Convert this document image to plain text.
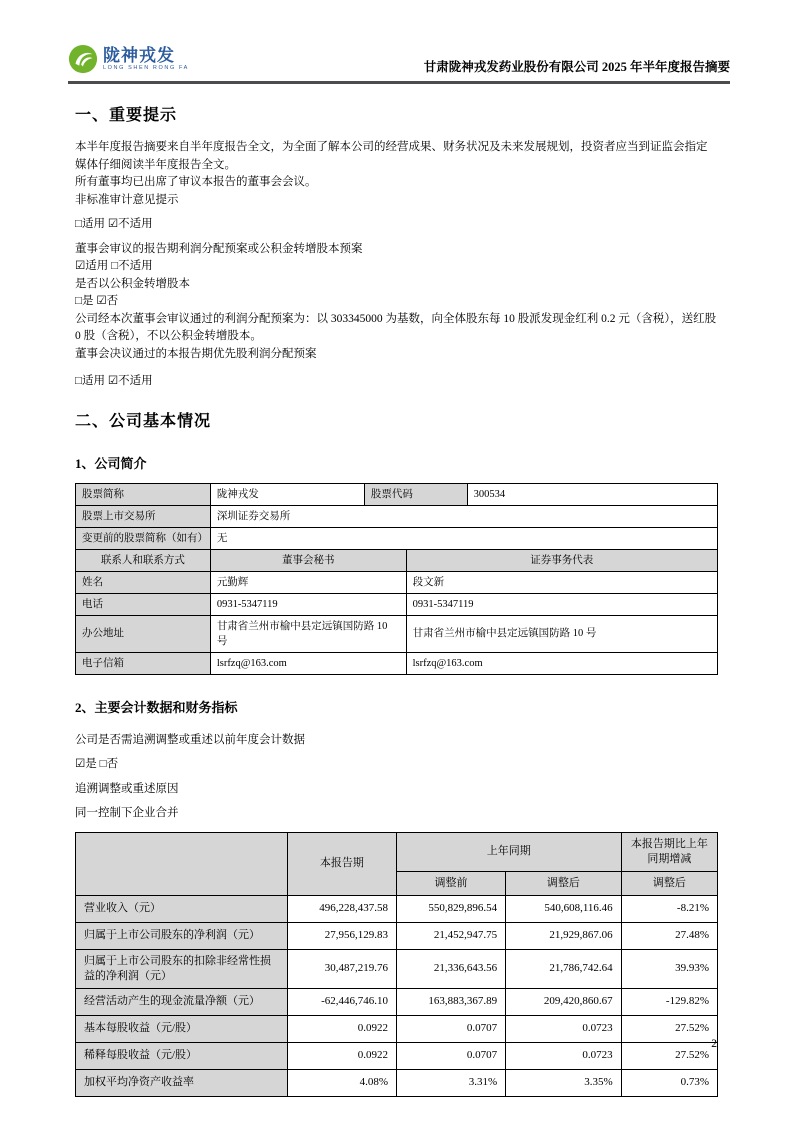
陇神戎发
LONG SHEN RONG FA	甘肃陇神戎发药业股份有限公司 2025 年半年度报告摘要
一、重要提示

本半年度报告摘要来自半年度报告全文，为全面了解本公司的经营成果、财务状况及未来发展规划，投资者应当到证监会指定媒体仔细阅读半年度报告全文。

所有董事均已出席了审议本报告的董事会会议。

非标准审计意见提示

□适用 ☑不适用

董事会审议的报告期利润分配预案或公积金转增股本预案

☑适用 □不适用

是否以公积金转增股本

□是 ☑否

公司经本次董事会审议通过的利润分配预案为：以 303345000 为基数，向全体股东每 10 股派发现金红利 0.2 元（含税），送红股 0 股（含税），不以公积金转增股本。

董事会决议通过的本报告期优先股利润分配预案

□适用 ☑不适用

二、公司基本情况
1、公司简介
股票简称	陇神戎发	股票代码		300534
股票上市交易所	深圳证券交易所			
变更前的股票简称（如有）	无			
联系人和联系方式	董事会秘书		证券事务代表	
姓名	元勤辉		段文新	
电话	0931-5347119		0931-5347119	
办公地址	甘肃省兰州市榆中县定远镇国防路 10 号		甘肃省兰州市榆中县定远镇国防路 10 号	
电子信箱	lsrfzq@163.com		lsrfzq@163.com	
2、主要会计数据和财务指标

公司是否需追溯调整或重述以前年度会计数据

☑是 □否

追溯调整或重述原因

同一控制下企业合并

	本报告期	上年同期		本报告期比上年同期增减
		调整前	调整后	调整后
营业收入（元）	496,228,437.58	550,829,896.54	540,608,116.46	-8.21%
归属于上市公司股东的净利润（元）	27,956,129.83	21,452,947.75	21,929,867.06	27.48%
归属于上市公司股东的扣除非经常性损益的净利润（元）	30,487,219.76	21,336,643.56	21,786,742.64	39.93%
经营活动产生的现金流量净额（元）	-62,446,746.10	163,883,367.89	209,420,860.67	-129.82%
基本每股收益（元/股）	0.0922	0.0707	0.0723	27.52%
稀释每股收益（元/股）	0.0922	0.0707	0.0723	27.52%
加权平均净资产收益率	4.08%	3.31%	3.35%	0.73%
2
